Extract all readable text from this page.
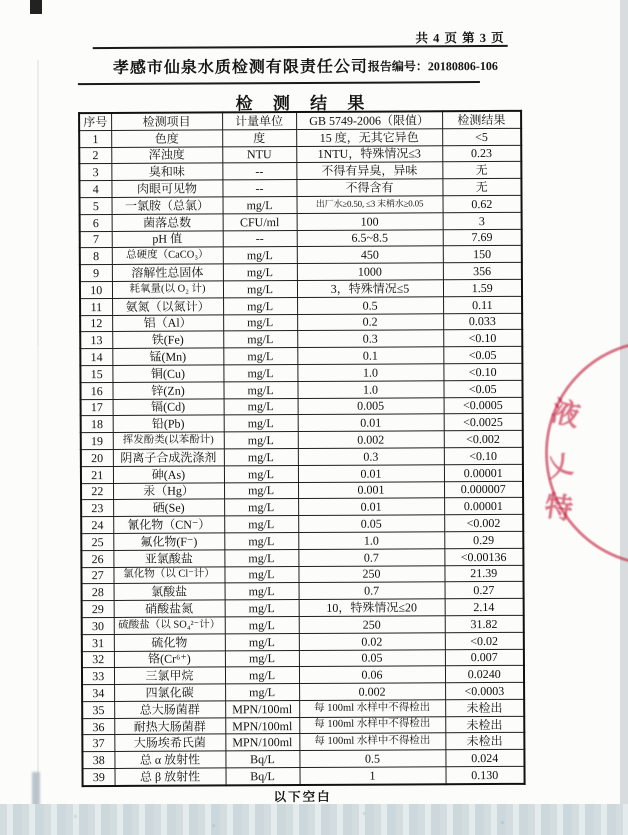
共 4 页 第 3 页
孝感市仙泉水质检测有限责任公司 报告编号：20180806-106
检 测 结 果
序号	检测项目	计量单位	GB 5749-2006（限值）	检测结果
1	色度	度	15 度，无其它异色	<5
2	浑浊度	NTU	1NTU，特殊情况≤3	0.23
3	臭和味	--	不得有异臭，异味	无
4	肉眼可见物	--	不得含有	无
5	一氯胺（总氯）	mg/L	出厂水≥0.50, ≤3 末梢水≥0.05	0.62
6	菌落总数	CFU/ml	100	3
7	pH 值	--	6.5~8.5	7.69
8	总硬度（CaCO₃）	mg/L	450	150
9	溶解性总固体	mg/L	1000	356
10	耗氧量(以 O₂ 计)	mg/L	3，特殊情况≤5	1.59
11	氨氮（以氮计）	mg/L	0.5	0.11
12	铝（Al）	mg/L	0.2	0.033
13	铁(Fe)	mg/L	0.3	<0.10
14	锰(Mn)	mg/L	0.1	<0.05
15	铜(Cu)	mg/L	1.0	<0.10
16	锌(Zn)	mg/L	1.0	<0.05
17	镉(Cd)	mg/L	0.005	<0.0005
18	铅(Pb)	mg/L	0.01	<0.0025
19	挥发酚类(以苯酚计)	mg/L	0.002	<0.002
20	阴离子合成洗涤剂	mg/L	0.3	<0.10
21	砷(As)	mg/L	0.01	0.00001
22	汞（Hg）	mg/L	0.001	0.000007
23	硒(Se)	mg/L	0.01	0.00001
24	氰化物（CN⁻）	mg/L	0.05	<0.002
25	氟化物(F⁻)	mg/L	1.0	0.29
26	亚氯酸盐	mg/L	0.7	<0.00136
27	氯化物（以 Cl⁻计）	mg/L	250	21.39
28	氯酸盐	mg/L	0.7	0.27
29	硝酸盐氮	mg/L	10，特殊情况≤20	2.14
30	硫酸盐（以 SO₄²⁻计）	mg/L	250	31.82
31	硫化物	mg/L	0.02	<0.02
32	铬(Cr⁶⁺)	mg/L	0.05	0.007
33	三氯甲烷	mg/L	0.06	0.0240
34	四氯化碳	mg/L	0.002	<0.0003
35	总大肠菌群	MPN/100ml	每 100ml 水样中不得检出	未检出
36	耐热大肠菌群	MPN/100ml	每 100ml 水样中不得检出	未检出
37	大肠埃希氏菌	MPN/100ml	每 100ml 水样中不得检出	未检出
38	总 α 放射性	Bq/L	0.5	0.024
39	总 β 放射性	Bq/L	1	0.130
以下空白
液
乂
特
